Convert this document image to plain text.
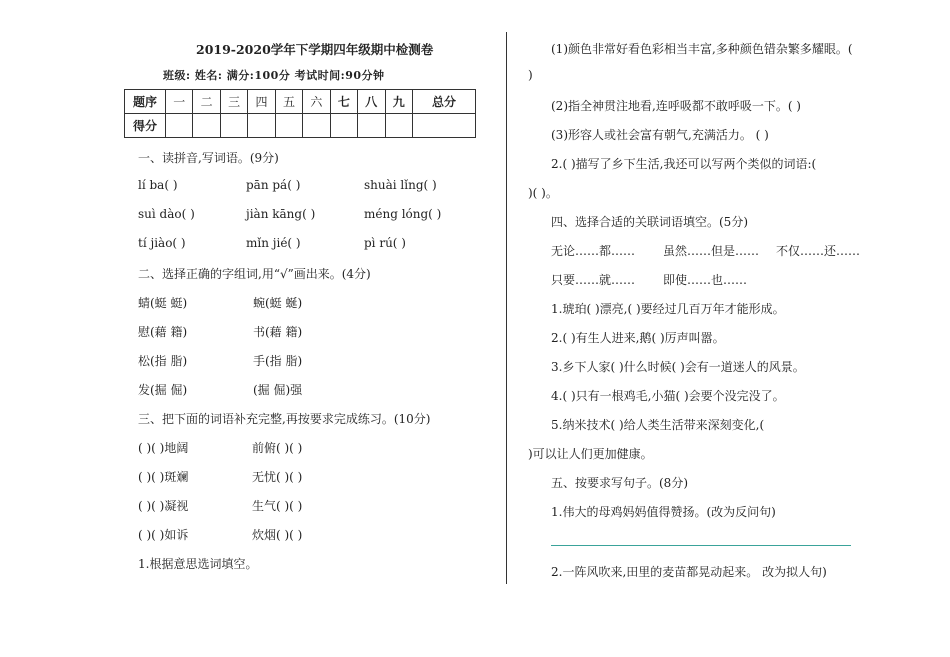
2019-2020学年下学期四年级期中检测卷
班级: 姓名: 满分:100分 考试时间:90分钟
题序	一	二	三	四	五	六	七	八	九	总分
得分										
一、读拼音,写词语。(9分)
lí ba( )	pān pá( )	shuài lǐng( )
suì dào( )	jiàn kāng( )	méng lóng( )
tí jiào( )	mǐn jié( )	pì rú( )
二、选择正确的字组词,用“√”画出来。(4分)
蜻(蜓 蜓)	蜿(蜓 蜒)
慰(藉 籍)	书(藉 籍)
松(指 脂)	手(指 脂)
发(掘 倔)	(掘 倔)强
三、把下面的词语补充完整,再按要求完成练习。(10分)
( )( )地阔	前俯( )( )
( )( )斑斓	无忧( )( )
( )( )凝视	生气( )( )
( )( )如诉	炊烟( )( )
1.根据意思选词填空。
(1)颜色非常好看色彩相当丰富,多种颜色错杂繁多耀眼。(
)
(2)指全神贯注地看,连呼吸都不敢呼吸一下。( )
(3)形容人或社会富有朝气,充满活力。 ( )
2.( )描写了乡下生活,我还可以写两个类似的词语:(
)( )。
四、选择合适的关联词语填空。(5分)
无论……都…… 虽然……但是…… 不仅……还……
只要……就…… 即使……也……
1.琥珀( )漂亮,( )要经过几百万年才能形成。
2.( )有生人进来,鹅( )厉声叫嚣。
3.乡下人家( )什么时候( )会有一道迷人的风景。
4.( )只有一根鸡毛,小猫( )会要个没完没了。
5.纳米技术( )给人类生活带来深刻变化,(
)可以让人们更加健康。
五、按要求写句子。(8分)
1.伟大的母鸡妈妈值得赞扬。(改为反问句)
2.一阵风吹来,田里的麦苗都晃动起来。 改为拟人句)
